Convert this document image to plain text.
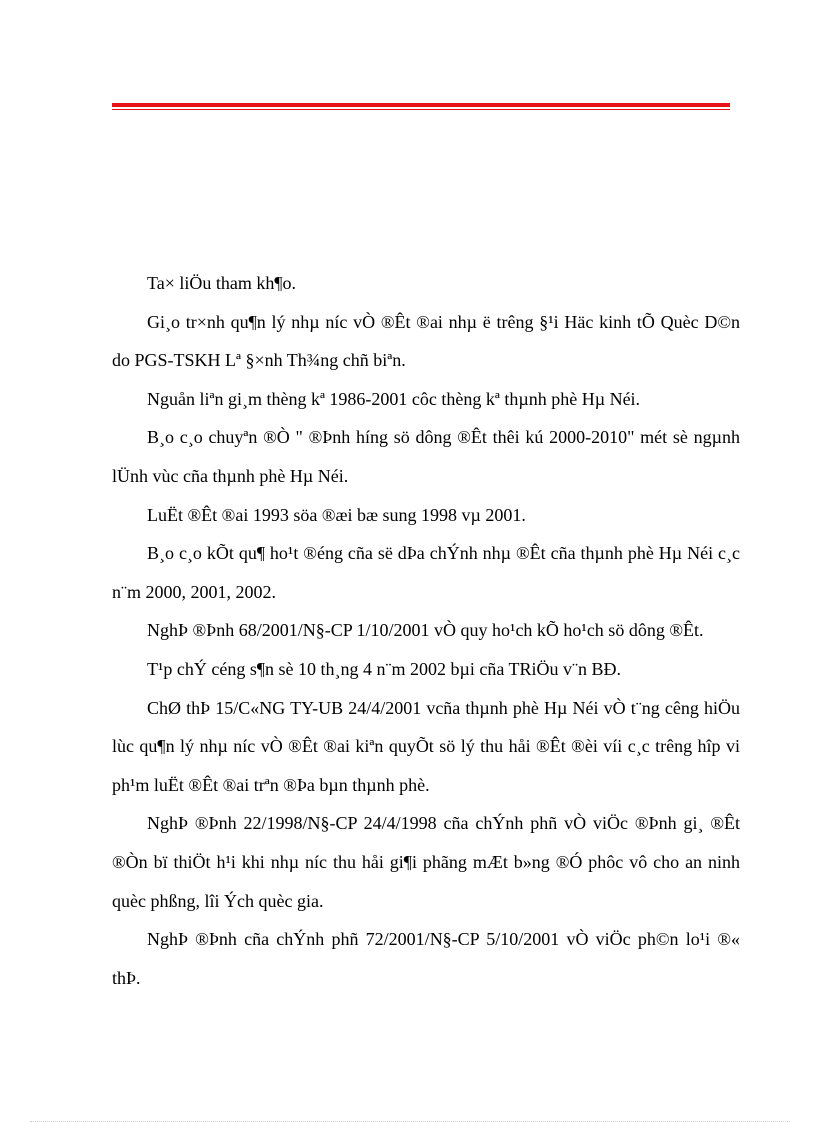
Ta× liÖu tham kh¶o.

Gi¸o tr×nh qu¶n lý nhµ níc vÒ ®Êt ®ai nhµ ë trêng §¹i Häc kinh tÕ Quèc D©n do PGS-TSKH Lª §×nh Th¾ng chñ biªn.

Nguån liªn gi¸m thèng kª 1986-2001 côc thèng kª thµnh phè Hµ Néi.

B¸o c¸o chuyªn ®Ò " ®Þnh híng sö dông ®Êt thêi kú 2000-2010" mét sè ngµnh lÜnh vùc cña thµnh phè Hµ Néi.

LuËt ®Êt ®ai 1993 söa ®æi bæ sung 1998 vµ 2001.

B¸o c¸o kÕt qu¶ ho¹t ®éng cña së dÞa chÝnh nhµ ®Êt cña thµnh phè Hµ Néi c¸c n¨m 2000, 2001, 2002.

NghÞ ®Þnh 68/2001/N§-CP 1/10/2001 vÒ quy ho¹ch kÕ ho¹ch sö dông ®Êt.

T¹p chÝ céng s¶n sè 10 th¸ng 4 n¨m 2002 bµi cña TRiÖu v¨n BÐ.

ChØ thÞ 15/C«NG TY-UB 24/4/2001 vcña thµnh phè Hµ Néi vÒ t¨ng cêng hiÖu lùc qu¶n lý nhµ níc vÒ ®Êt ®ai kiªn quyÕt sö lý thu håi ®Êt ®èi víi c¸c trêng hîp vi ph¹m luËt ®Êt ®ai trªn ®Þa bµn thµnh phè.

NghÞ ®Þnh 22/1998/N§-CP 24/4/1998 cña chÝnh phñ vÒ viÖc ®Þnh gi¸ ®Êt ®Òn bï thiÖt h¹i khi nhµ níc thu håi gi¶i phãng mÆt b»ng ®Ó phôc vô cho an ninh quèc phßng, lîi Ých quèc gia.

NghÞ ®Þnh cña chÝnh phñ 72/2001/N§-CP 5/10/2001 vÒ viÖc ph©n lo¹i ®« thÞ.
